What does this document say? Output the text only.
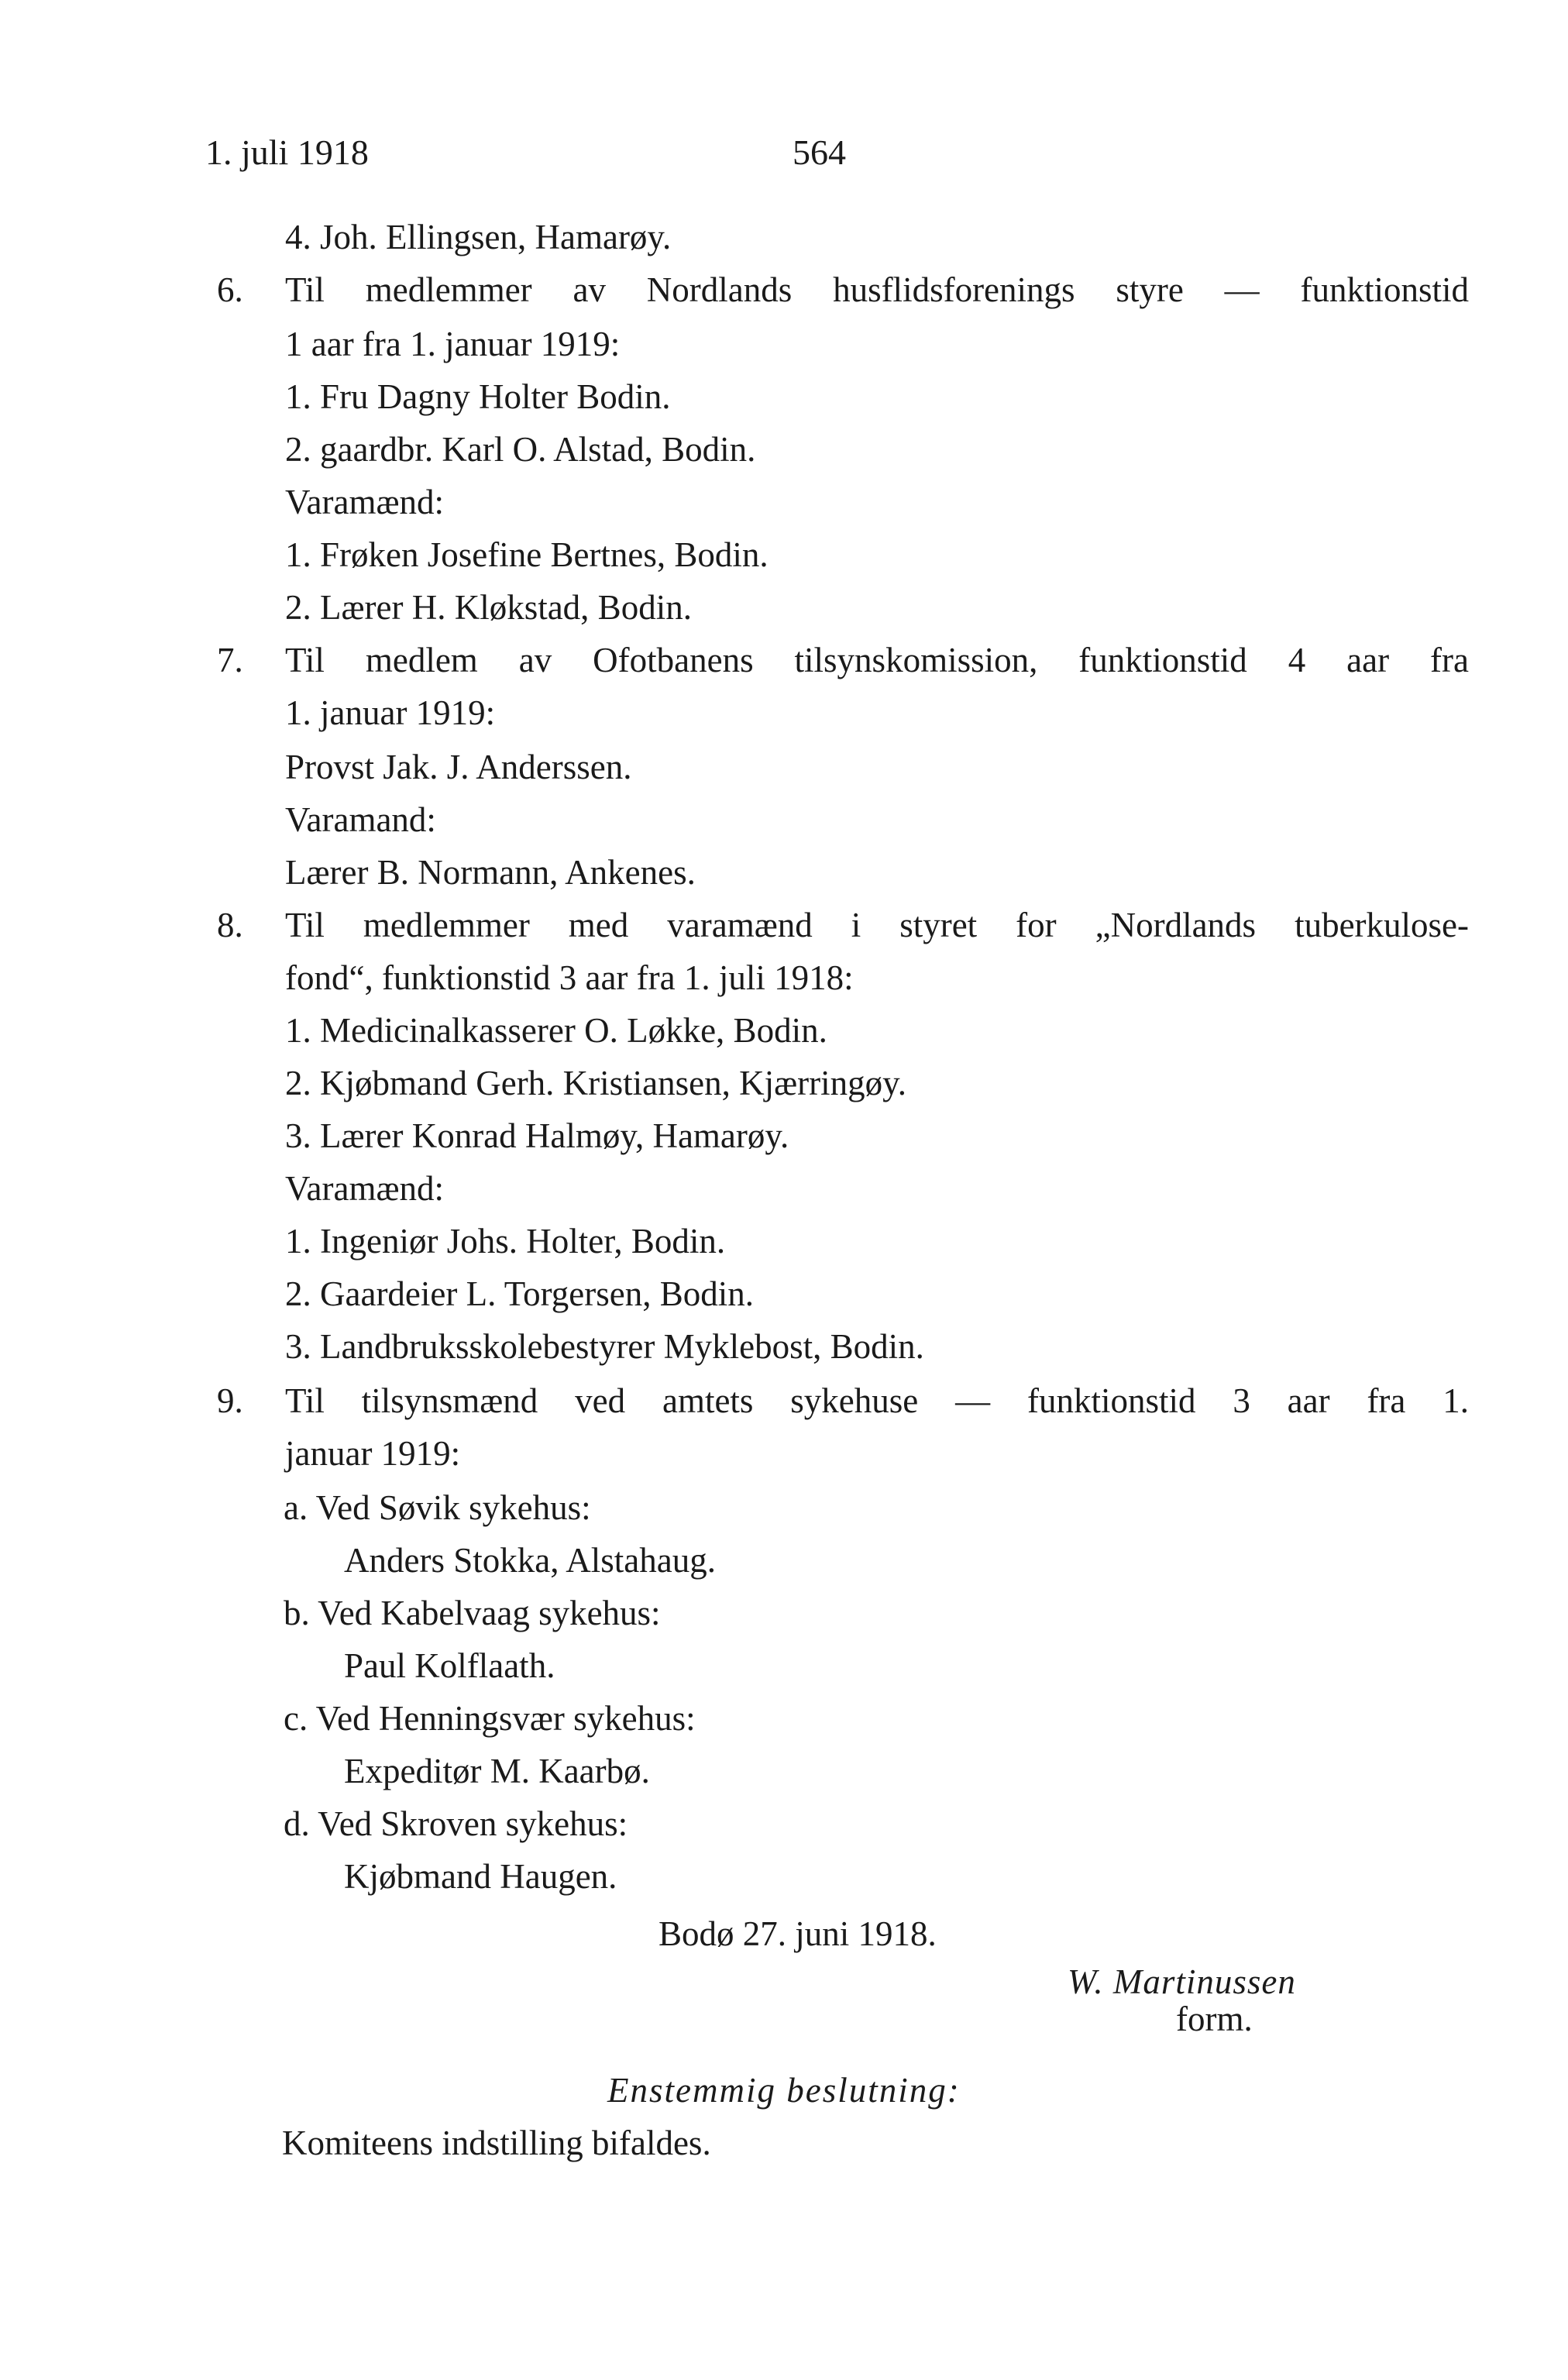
1. juli 1918	564
4. Joh. Ellingsen, Hamarøy.
6.	Til medlemmer av Nordlands husflidsforenings styre — funktionstid
1 aar fra 1. januar 1919:
1. Fru Dagny Holter Bodin.
2. gaardbr. Karl O. Alstad, Bodin.
Varamænd:
1. Frøken Josefine Bertnes, Bodin.
2. Lærer H. Kløkstad, Bodin.
7.	Til medlem av Ofotbanens tilsynskomission, funktionstid 4 aar fra
1. januar 1919:
Provst Jak. J. Anderssen.
Varamand:
Lærer B. Normann, Ankenes.
8.	Til medlemmer med varamænd i styret for „Nordlands tuberkulose-
fond“, funktionstid 3 aar fra 1. juli 1918:
1. Medicinalkasserer O. Løkke, Bodin.
2. Kjøbmand Gerh. Kristiansen, Kjærringøy.
3. Lærer Konrad Halmøy, Hamarøy.
Varamænd:
1. Ingeniør Johs. Holter, Bodin.
2. Gaardeier L. Torgersen, Bodin.
3. Landbruksskolebestyrer Myklebost, Bodin.
9.	Til tilsynsmænd ved amtets sykehuse — funktionstid 3 aar fra 1.
januar 1919:
a. Ved Søvik sykehus:
Anders Stokka, Alstahaug.
b. Ved Kabelvaag sykehus:
Paul Kolflaath.
c. Ved Henningsvær sykehus:
Expeditør M. Kaarbø.
d. Ved Skroven sykehus:
Kjøbmand Haugen.
Bodø 27. juni 1918.
W. Martinussen
form.
Enstemmig beslutning:
Komiteens indstilling bifaldes.
